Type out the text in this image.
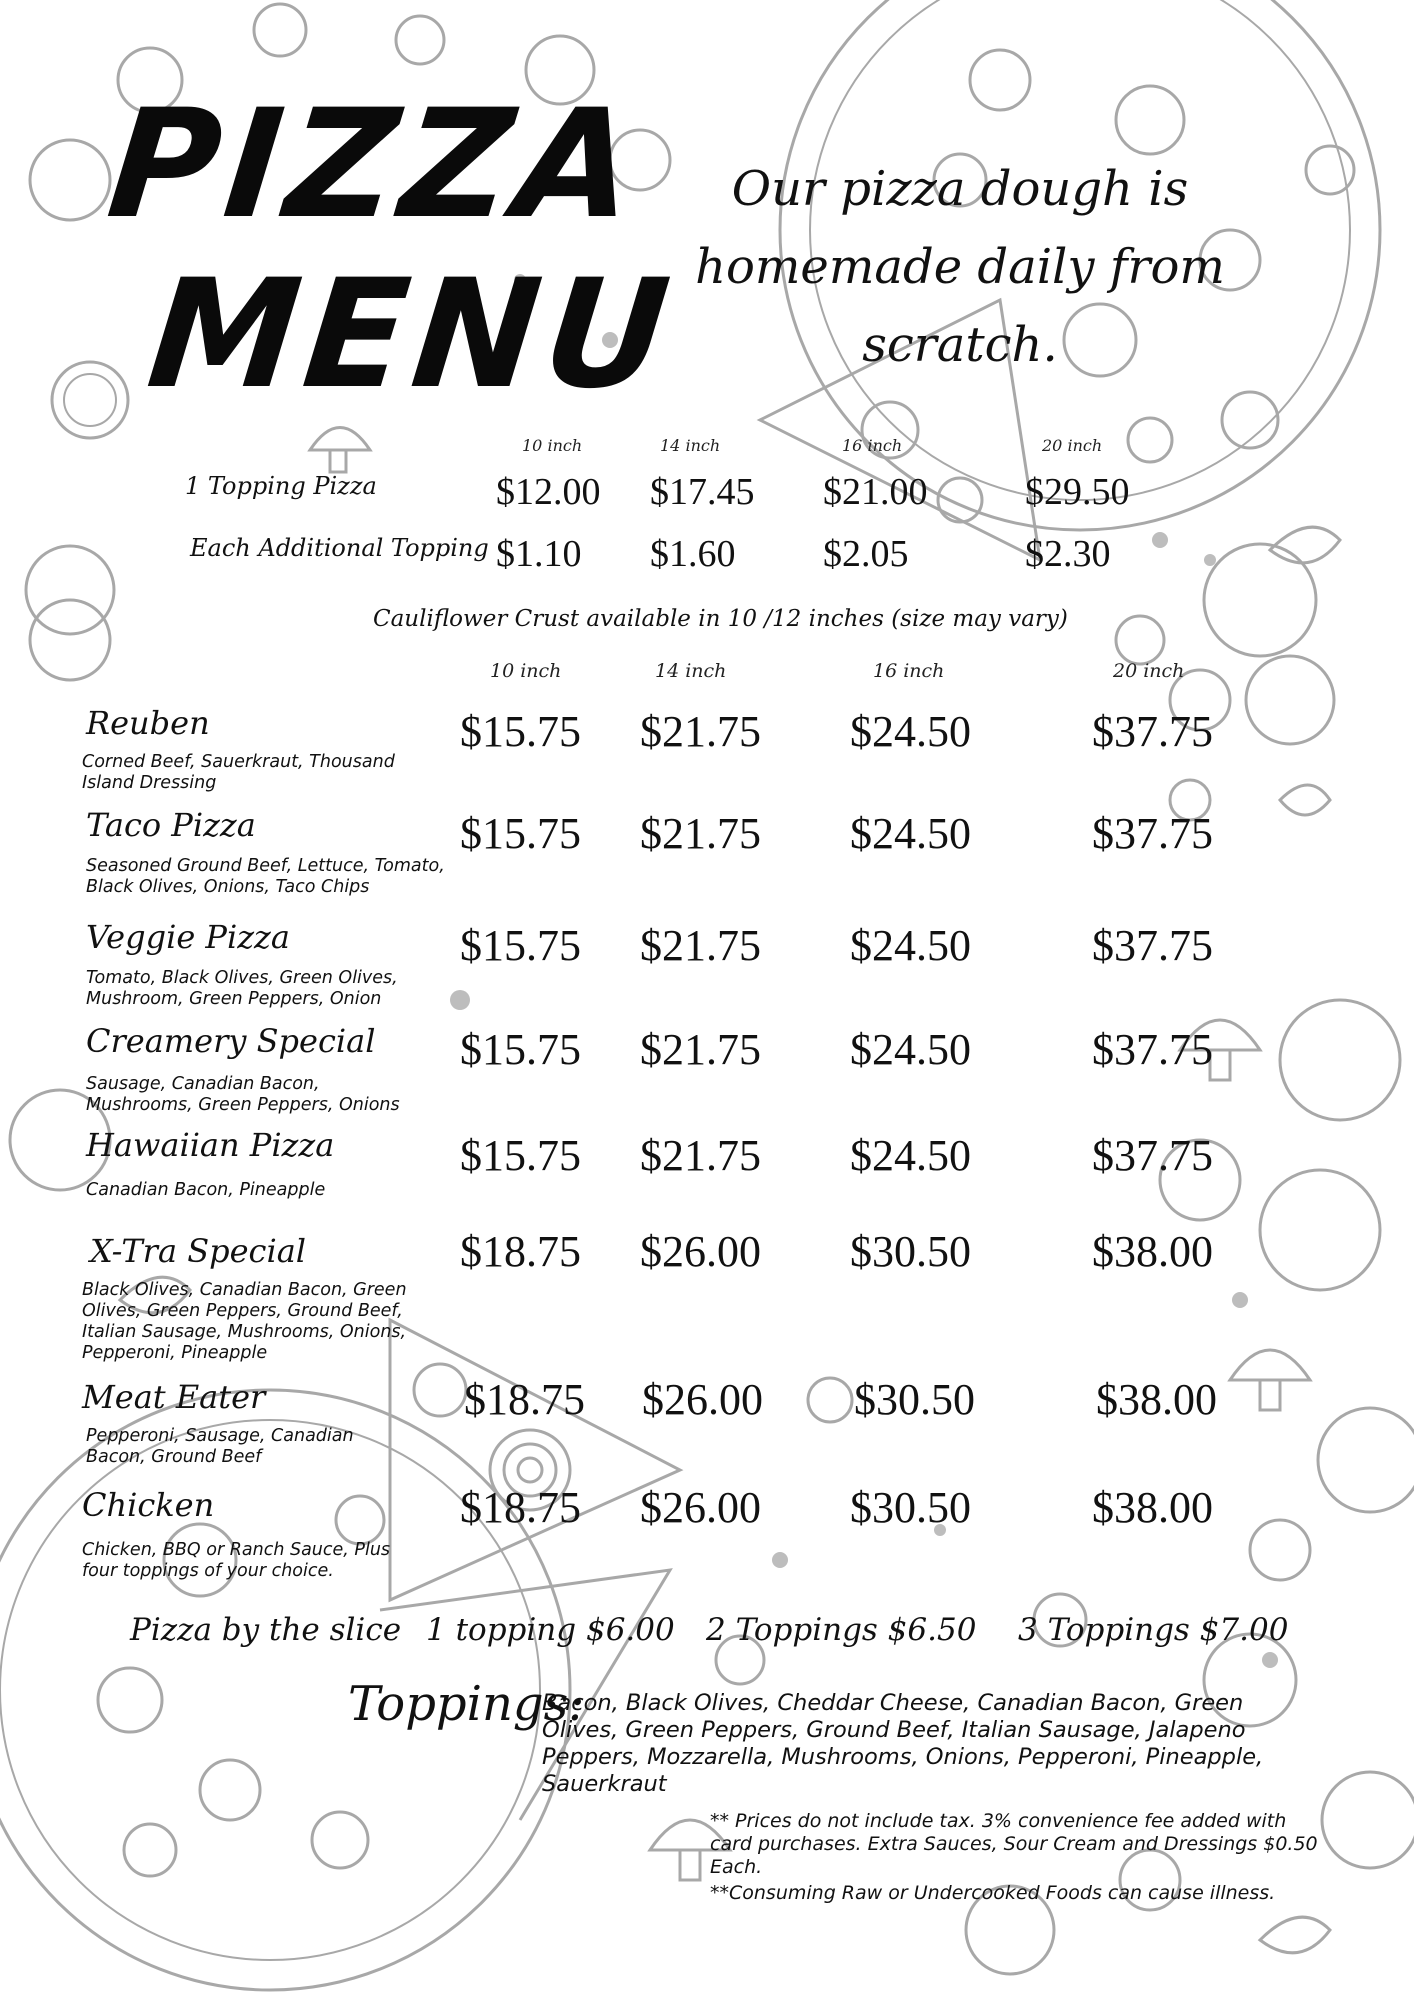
PIZZA
MENU
Our pizza dough is homemade daily from scratch.
10 inch	14 inch	16 inch	20 inch
1 Topping Pizza	$12.00 $17.45 $21.00	$29.50
Each Additional Topping $1.10 $1.60 $2.05	$2.30
Cauliflower Crust available in 10 /12 inches (size may vary)
10 inch	14 inch	16 inch	20 inch
Reuben
Corned Beef, Sauerkraut, Thousand Island Dressing
$15.75 $21.75 $24.50	$37.75
Taco Pizza
Seasoned Ground Beef, Lettuce, Tomato, Black Olives, Onions, Taco Chips
$15.75 $21.75 $24.50	$37.75
Veggie Pizza
Tomato, Black Olives, Green Olives, Mushroom, Green Peppers, Onion
$15.75 $21.75 $24.50	$37.75
Creamery Special
Sausage, Canadian Bacon, Mushrooms, Green Peppers, Onions
$15.75 $21.75 $24.50	$37.75
Hawaiian Pizza
Canadian Bacon, Pineapple
$15.75 $21.75 $24.50	$37.75
X-Tra Special
Black Olives, Canadian Bacon, Green Olives, Green Peppers, Ground Beef, Italian Sausage, Mushrooms, Onions, Pepperoni, Pineapple
$18.75 $26.00 $30.50	$38.00
Meat Eater
Pepperoni, Sausage, Canadian Bacon, Ground Beef
$18.75 $26.00 $30.50	$38.00
Chicken
Chicken, BBQ or Ranch Sauce, Plus four toppings of your choice.
$18.75 $26.00 $30.50	$38.00
Pizza by the slice 1 topping $6.00 2 Toppings $6.50 3 Toppings $7.00
Toppings:
Bacon, Black Olives, Cheddar Cheese, Canadian Bacon, Green Olives, Green Peppers, Ground Beef, Italian Sausage, Jalapeno Peppers, Mozzarella, Mushrooms, Onions, Pepperoni, Pineapple, Sauerkraut
** Prices do not include tax. 3% convenience fee added with card purchases. Extra Sauces, Sour Cream and Dressings $0.50 Each.
**Consuming Raw or Undercooked Foods can cause illness.
